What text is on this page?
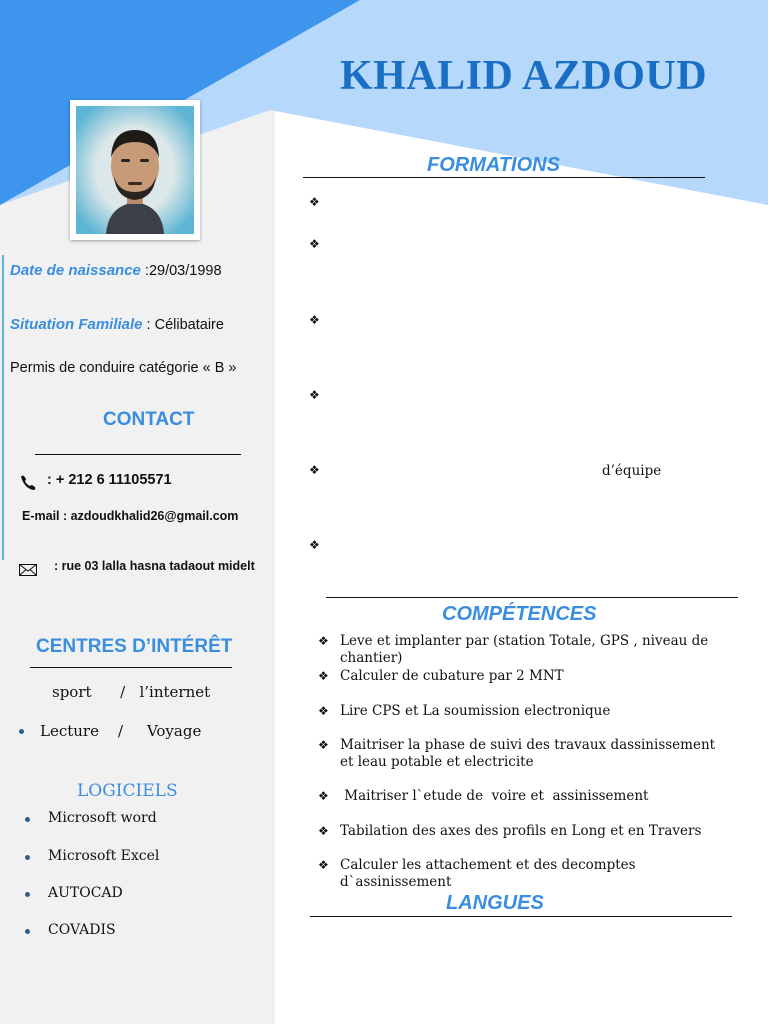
KHALID AZDOUD
Date de naissance :29/03/1998
Situation Familiale : Célibataire
Permis de conduire catégorie « B »
CONTACT
: + 212 6 11105571
E-mail : azdoudkhalid26@gmail.com
: rue 03 lalla hasna tadaout midelt
CENTRES D’INTÉRÊT
sport      /   l’internet
Lecture    /     Voyage
LOGICIELS
Microsoft word
Microsoft Excel
AUTOCAD
COVADIS
FORMATIONS
❖
❖
❖
❖
❖	d’équipe
❖
COMPÉTENCES
❖ Leve et implanter par (station Totale, GPS , niveau de chantier)
❖ Calculer de cubature par 2 MNT
❖ Lire CPS et La soumission electronique
❖ Maitriser la phase de suivi des travaux dassinissement et leau potable et electricite
❖ Maitriser l`etude de  voire et  assinissement
❖ Tabilation des axes des profils en Long et en Travers
❖ Calculer les attachement et des decomptes d`assinissement
LANGUES
